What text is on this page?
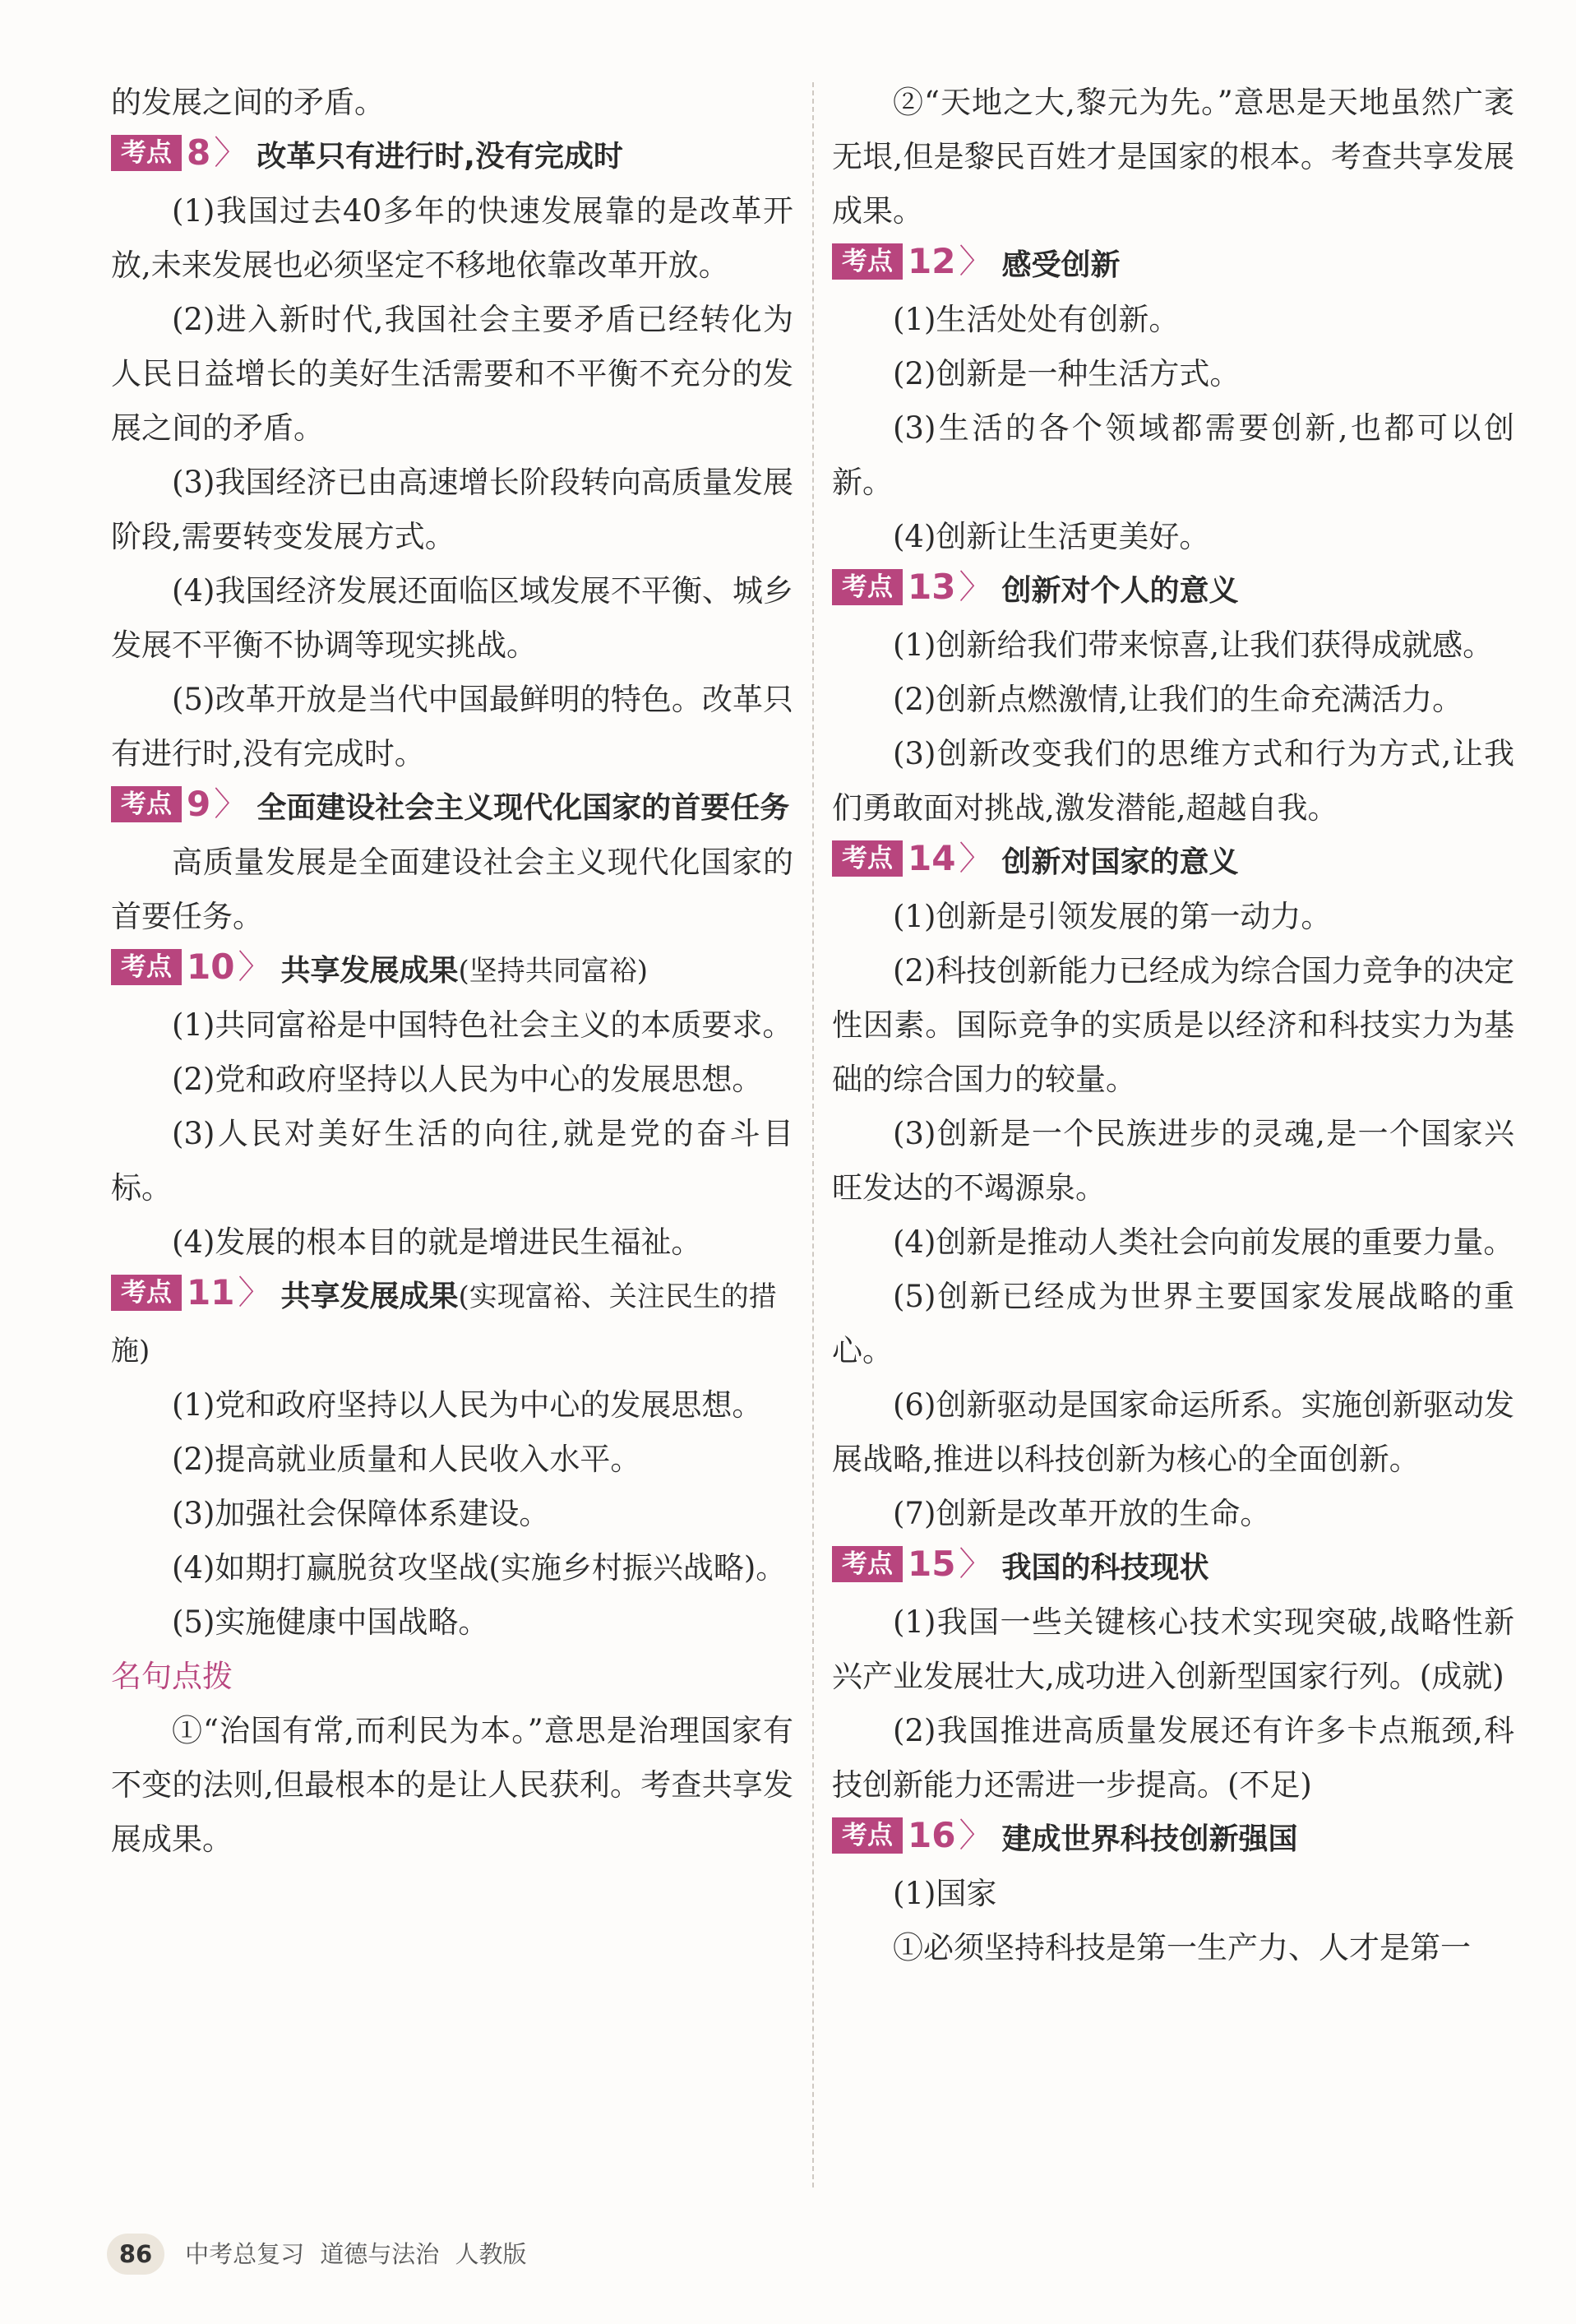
的发展之间的矛盾。

考点 8 〉 改革只有进行时,没有完成时

(1)我国过去40多年的快速发展靠的是改革开放,未来发展也必须坚定不移地依靠改革开放。

(2)进入新时代,我国社会主要矛盾已经转化为人民日益增长的美好生活需要和不平衡不充分的发展之间的矛盾。

(3)我国经济已由高速增长阶段转向高质量发展阶段,需要转变发展方式。

(4)我国经济发展还面临区域发展不平衡、城乡发展不平衡不协调等现实挑战。

(5)改革开放是当代中国最鲜明的特色。改革只有进行时,没有完成时。

考点 9 〉 全面建设社会主义现代化国家的首要任务

高质量发展是全面建设社会主义现代化国家的首要任务。

考点 10 〉 共享发展成果(坚持共同富裕)

(1)共同富裕是中国特色社会主义的本质要求。

(2)党和政府坚持以人民为中心的发展思想。

(3)人民对美好生活的向往,就是党的奋斗目标。

(4)发展的根本目的就是增进民生福祉。

考点 11 〉 共享发展成果(实现富裕、关注民生的措施)

(1)党和政府坚持以人民为中心的发展思想。

(2)提高就业质量和人民收入水平。

(3)加强社会保障体系建设。

(4)如期打赢脱贫攻坚战(实施乡村振兴战略)。

(5)实施健康中国战略。

名句点拨

①“治国有常,而利民为本。”意思是治理国家有不变的法则,但最根本的是让人民获利。考查共享发展成果。

②“天地之大,黎元为先。”意思是天地虽然广袤无垠,但是黎民百姓才是国家的根本。考查共享发展成果。

考点 12 〉 感受创新

(1)生活处处有创新。

(2)创新是一种生活方式。

(3)生活的各个领域都需要创新,也都可以创新。

(4)创新让生活更美好。

考点 13 〉 创新对个人的意义

(1)创新给我们带来惊喜,让我们获得成就感。

(2)创新点燃激情,让我们的生命充满活力。

(3)创新改变我们的思维方式和行为方式,让我们勇敢面对挑战,激发潜能,超越自我。

考点 14 〉 创新对国家的意义

(1)创新是引领发展的第一动力。

(2)科技创新能力已经成为综合国力竞争的决定性因素。国际竞争的实质是以经济和科技实力为基础的综合国力的较量。

(3)创新是一个民族进步的灵魂,是一个国家兴旺发达的不竭源泉。

(4)创新是推动人类社会向前发展的重要力量。

(5)创新已经成为世界主要国家发展战略的重心。

(6)创新驱动是国家命运所系。实施创新驱动发展战略,推进以科技创新为核心的全面创新。

(7)创新是改革开放的生命。

考点 15 〉 我国的科技现状

(1)我国一些关键核心技术实现突破,战略性新兴产业发展壮大,成功进入创新型国家行列。(成就)

(2)我国推进高质量发展还有许多卡点瓶颈,科技创新能力还需进一步提高。(不足)

考点 16 〉 建成世界科技创新强国

(1)国家

①必须坚持科技是第一生产力、人才是第一

86 中考总复习 道德与法治 人教版
